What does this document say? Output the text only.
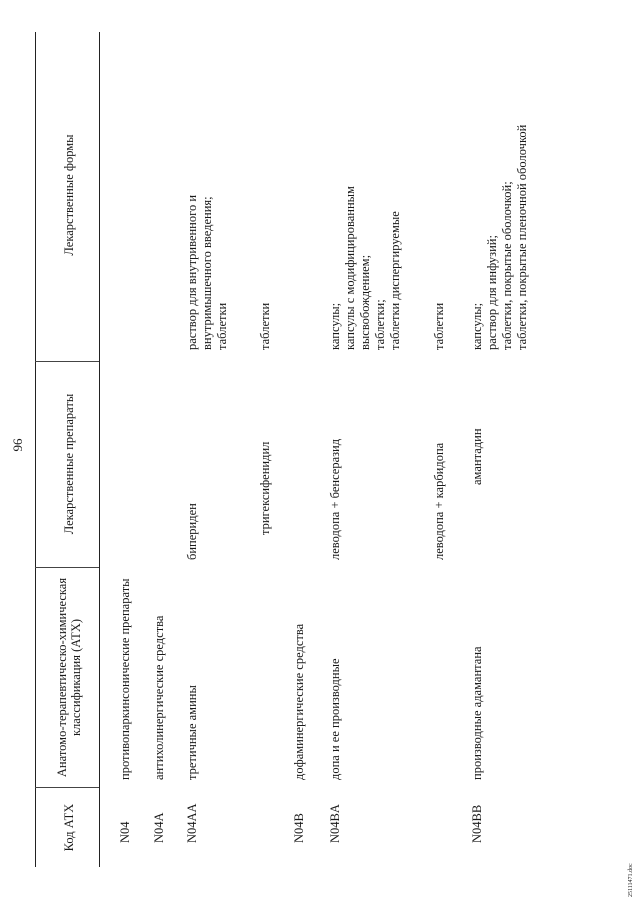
96
Код АТХ
Анатомо-терапевтическо-химическая классификация (АТХ)
Лекарственные препараты
Лекарственные формы
N04
противопаркинсонические препараты
N04A
антихолинергические средства
N04AA
третичные амины
бипериден
раствор для внутривенного и внутримышечного введения; таблетки
тригексифенидил
таблетки
N04B
дофаминергические средства
N04BA
допа и ее производные
леводопа + бенсеразид
капсулы; капсулы с модифицированным высвобождением; таблетки; таблетки диспергируемые
леводопа + карбидопа
таблетки
N04BB
производные адамантана
амантадин
капсулы; раствор для инфузий; таблетки, покрытые оболочкой; таблетки, покрытые пленочной оболочкой
25111471.doc
